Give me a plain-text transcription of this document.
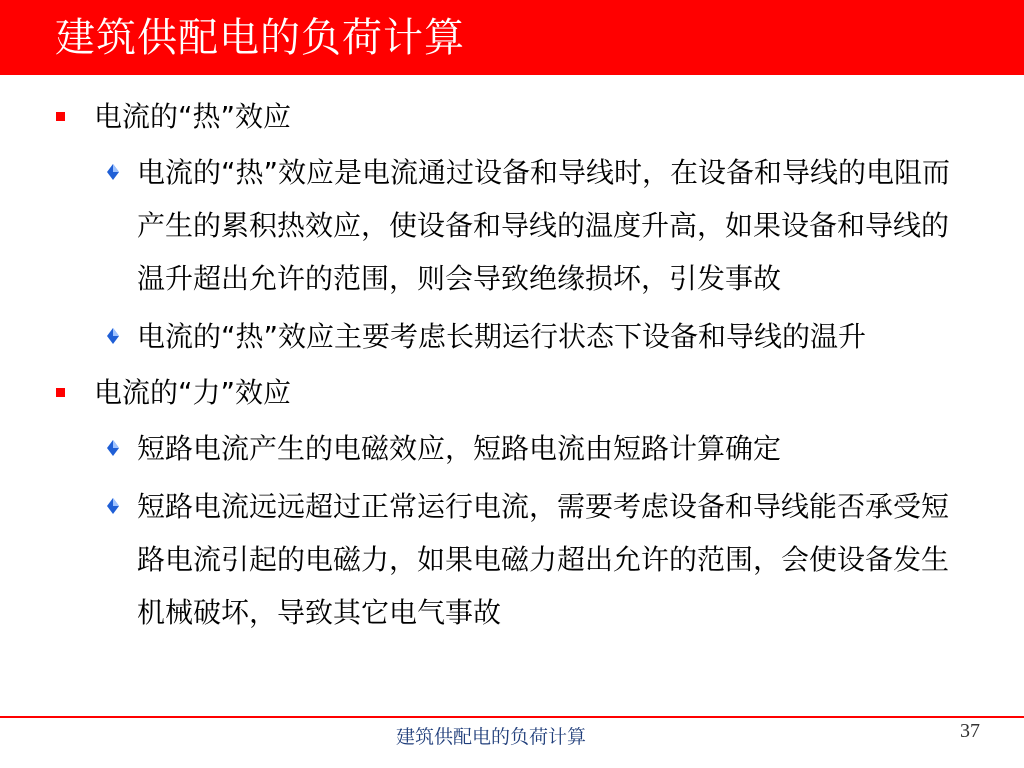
建筑供配电的负荷计算
电流的“热”效应
电流的“热”效应是电流通过设备和导线时，在设备和导线的电阻而产生的累积热效应，使设备和导线的温度升高，如果设备和导线的温升超出允许的范围，则会导致绝缘损坏，引发事故
电流的“热”效应主要考虑长期运行状态下设备和导线的温升
电流的“力”效应
短路电流产生的电磁效应，短路电流由短路计算确定
短路电流远远超过正常运行电流，需要考虑设备和导线能否承受短路电流引起的电磁力，如果电磁力超出允许的范围，会使设备发生机械破坏，导致其它电气事故
建筑供配电的负荷计算	37
